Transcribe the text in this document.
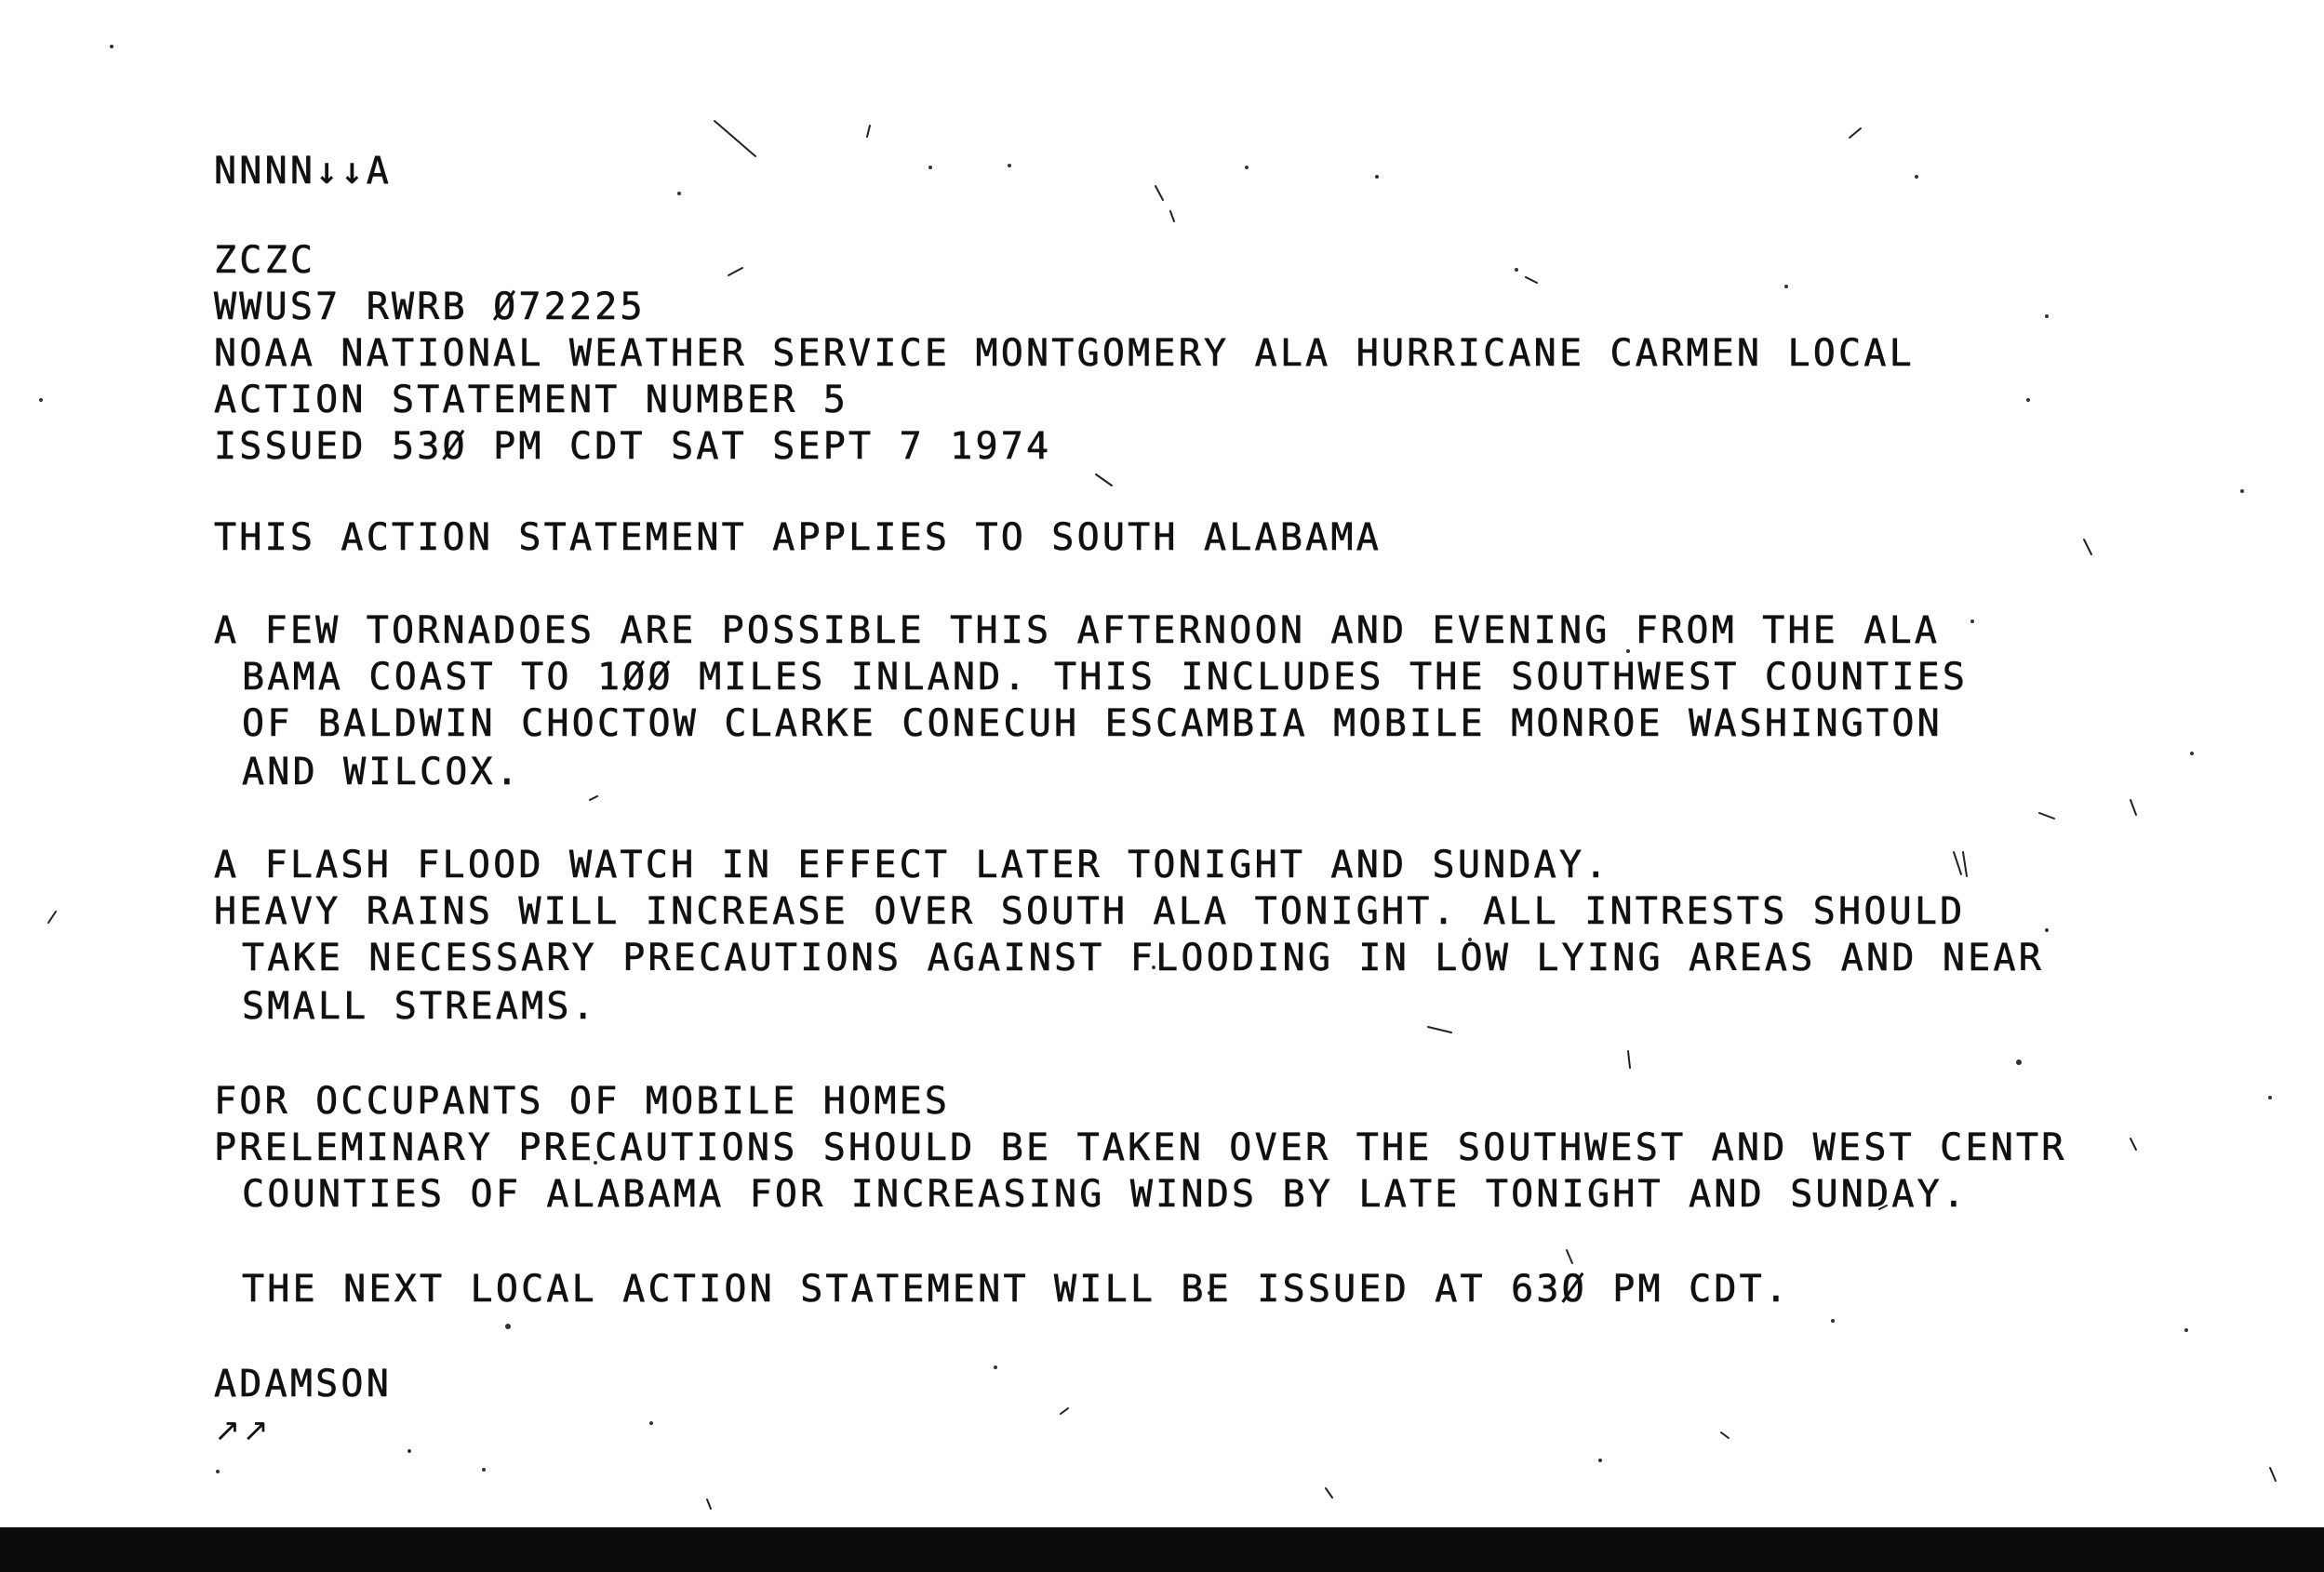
NNNN↓↓A
ZCZC
WWUS7 RWRB Ø72225
NOAA NATIONAL WEATHER SERVICE MONTGOMERY ALA HURRICANE CARMEN LOCAL
ACTION STATEMENT NUMBER 5
ISSUED 53Ø PM CDT SAT SEPT 7 1974
THIS ACTION STATEMENT APPLIES TO SOUTH ALABAMA
A FEW TORNADOES ARE POSSIBLE THIS AFTERNOON AND EVENING FROM THE ALA
BAMA COAST TO 1ØØ MILES INLAND. THIS INCLUDES THE SOUTHWEST COUNTIES
OF BALDWIN CHOCTOW CLARKE CONECUH ESCAMBIA MOBILE MONROE WASHINGTON
AND WILCOX.
A FLASH FLOOD WATCH IN EFFECT LATER TONIGHT AND SUNDAY.
HEAVY RAINS WILL INCREASE OVER SOUTH ALA TONIGHT. ALL INTRESTS SHOULD
TAKE NECESSARY PRECAUTIONS AGAINST FLOODING IN LOW LYING AREAS AND NEAR
SMALL STREAMS.
FOR OCCUPANTS OF MOBILE HOMES
PRELEMINARY PRECAUTIONS SHOULD BE TAKEN OVER THE SOUTHWEST AND WEST CENTR
COUNTIES OF ALABAMA FOR INCREASING WINDS BY LATE TONIGHT AND SUNDAY.
THE NEXT LOCAL ACTION STATEMENT WILL BE ISSUED AT 63Ø PM CDT.
ADAMSON
↗↗
